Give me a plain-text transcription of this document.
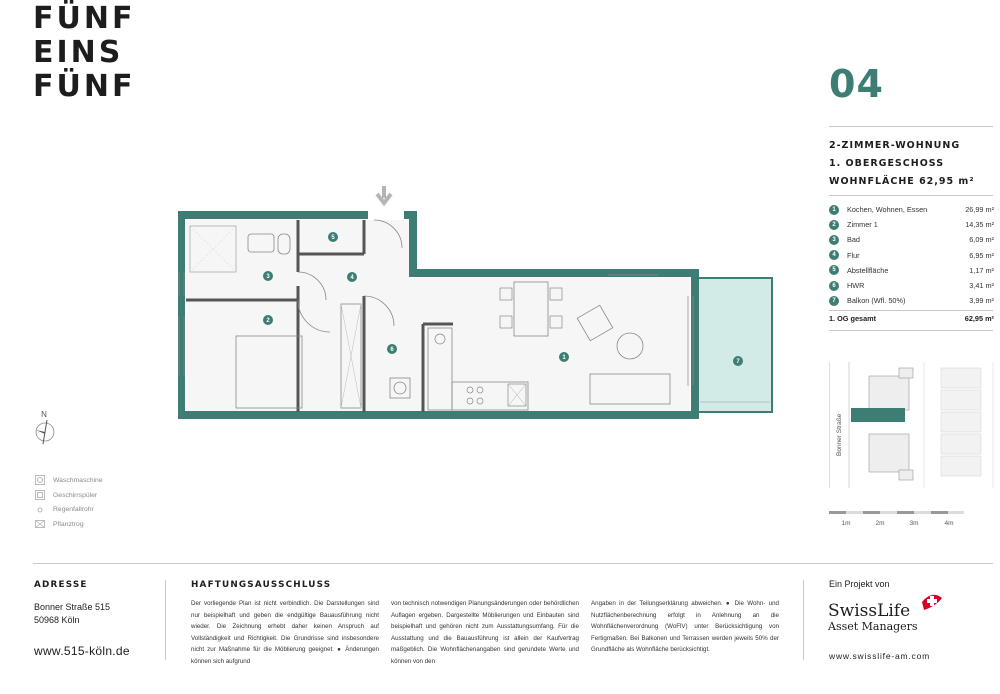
FÜNF
EINS
FÜNF	04
2-ZIMMER-WOHNUNG
1. OBERGESCHOSS
WOHNFLÄCHE 62,95 m²
1	Kochen, Wohnen, Essen	26,99 m²
2	Zimmer 1	14,35 m²
3	Bad	6,09 m²
4	Flur	6,95 m²
5	Abstellfläche	1,17 m²
6	HWR	3,41 m²
7	Balkon (Wfl. 50%)	3,99 m²
1. OG gesamt	62,95 m²
1
2
3	4
5
6
7
N
Waschmaschine
Geschirrspüler
Regenfallrohr
Pflanztrog
Bonner Straße
1m	2m	3m	4m
ADRESSE
Bonner Straße 515
50968 Köln
www.515-köln.de
HAFTUNGSAUSSCHLUSS
Der vorliegende Plan ist nicht verbindlich. Die Darstellungen sind nur beispielhaft und geben die endgültige Bauausführung nicht wieder. Die Zeichnung erhebt daher keinen Anspruch auf Vollständigkeit und Richtigkeit. Die Grundrisse sind insbesondere nicht zur Maßnahme für die Möblierung geeignet. ● Änderungen können sich aufgrund
von technisch notwendigen Planungsänderungen oder behördlichen Auflagen ergeben. Dargestellte Möblierungen und Einbauten sind beispielhaft und gehören nicht zum Ausstattungsumfang. Für die Ausstattung und die Bauausführung ist allein der Kaufvertrag maßgeblich. Die Wohnflächenangaben sind gerundete Werte und können von den
Angaben in der Teilungserklärung abweichen. ● Die Wohn- und Nutzflächenberechnung erfolgt in Anlehnung an die Wohnflächenverordnung (WoFlV) unter Berücksichtigung von Fertigmaßen. Bei Balkonen und Terrassen werden jeweils 50% der Grundfläche als Wohnfläche berücksichtigt.
Ein Projekt von
SwissLife
Asset Managers
www.swisslife-am.com
